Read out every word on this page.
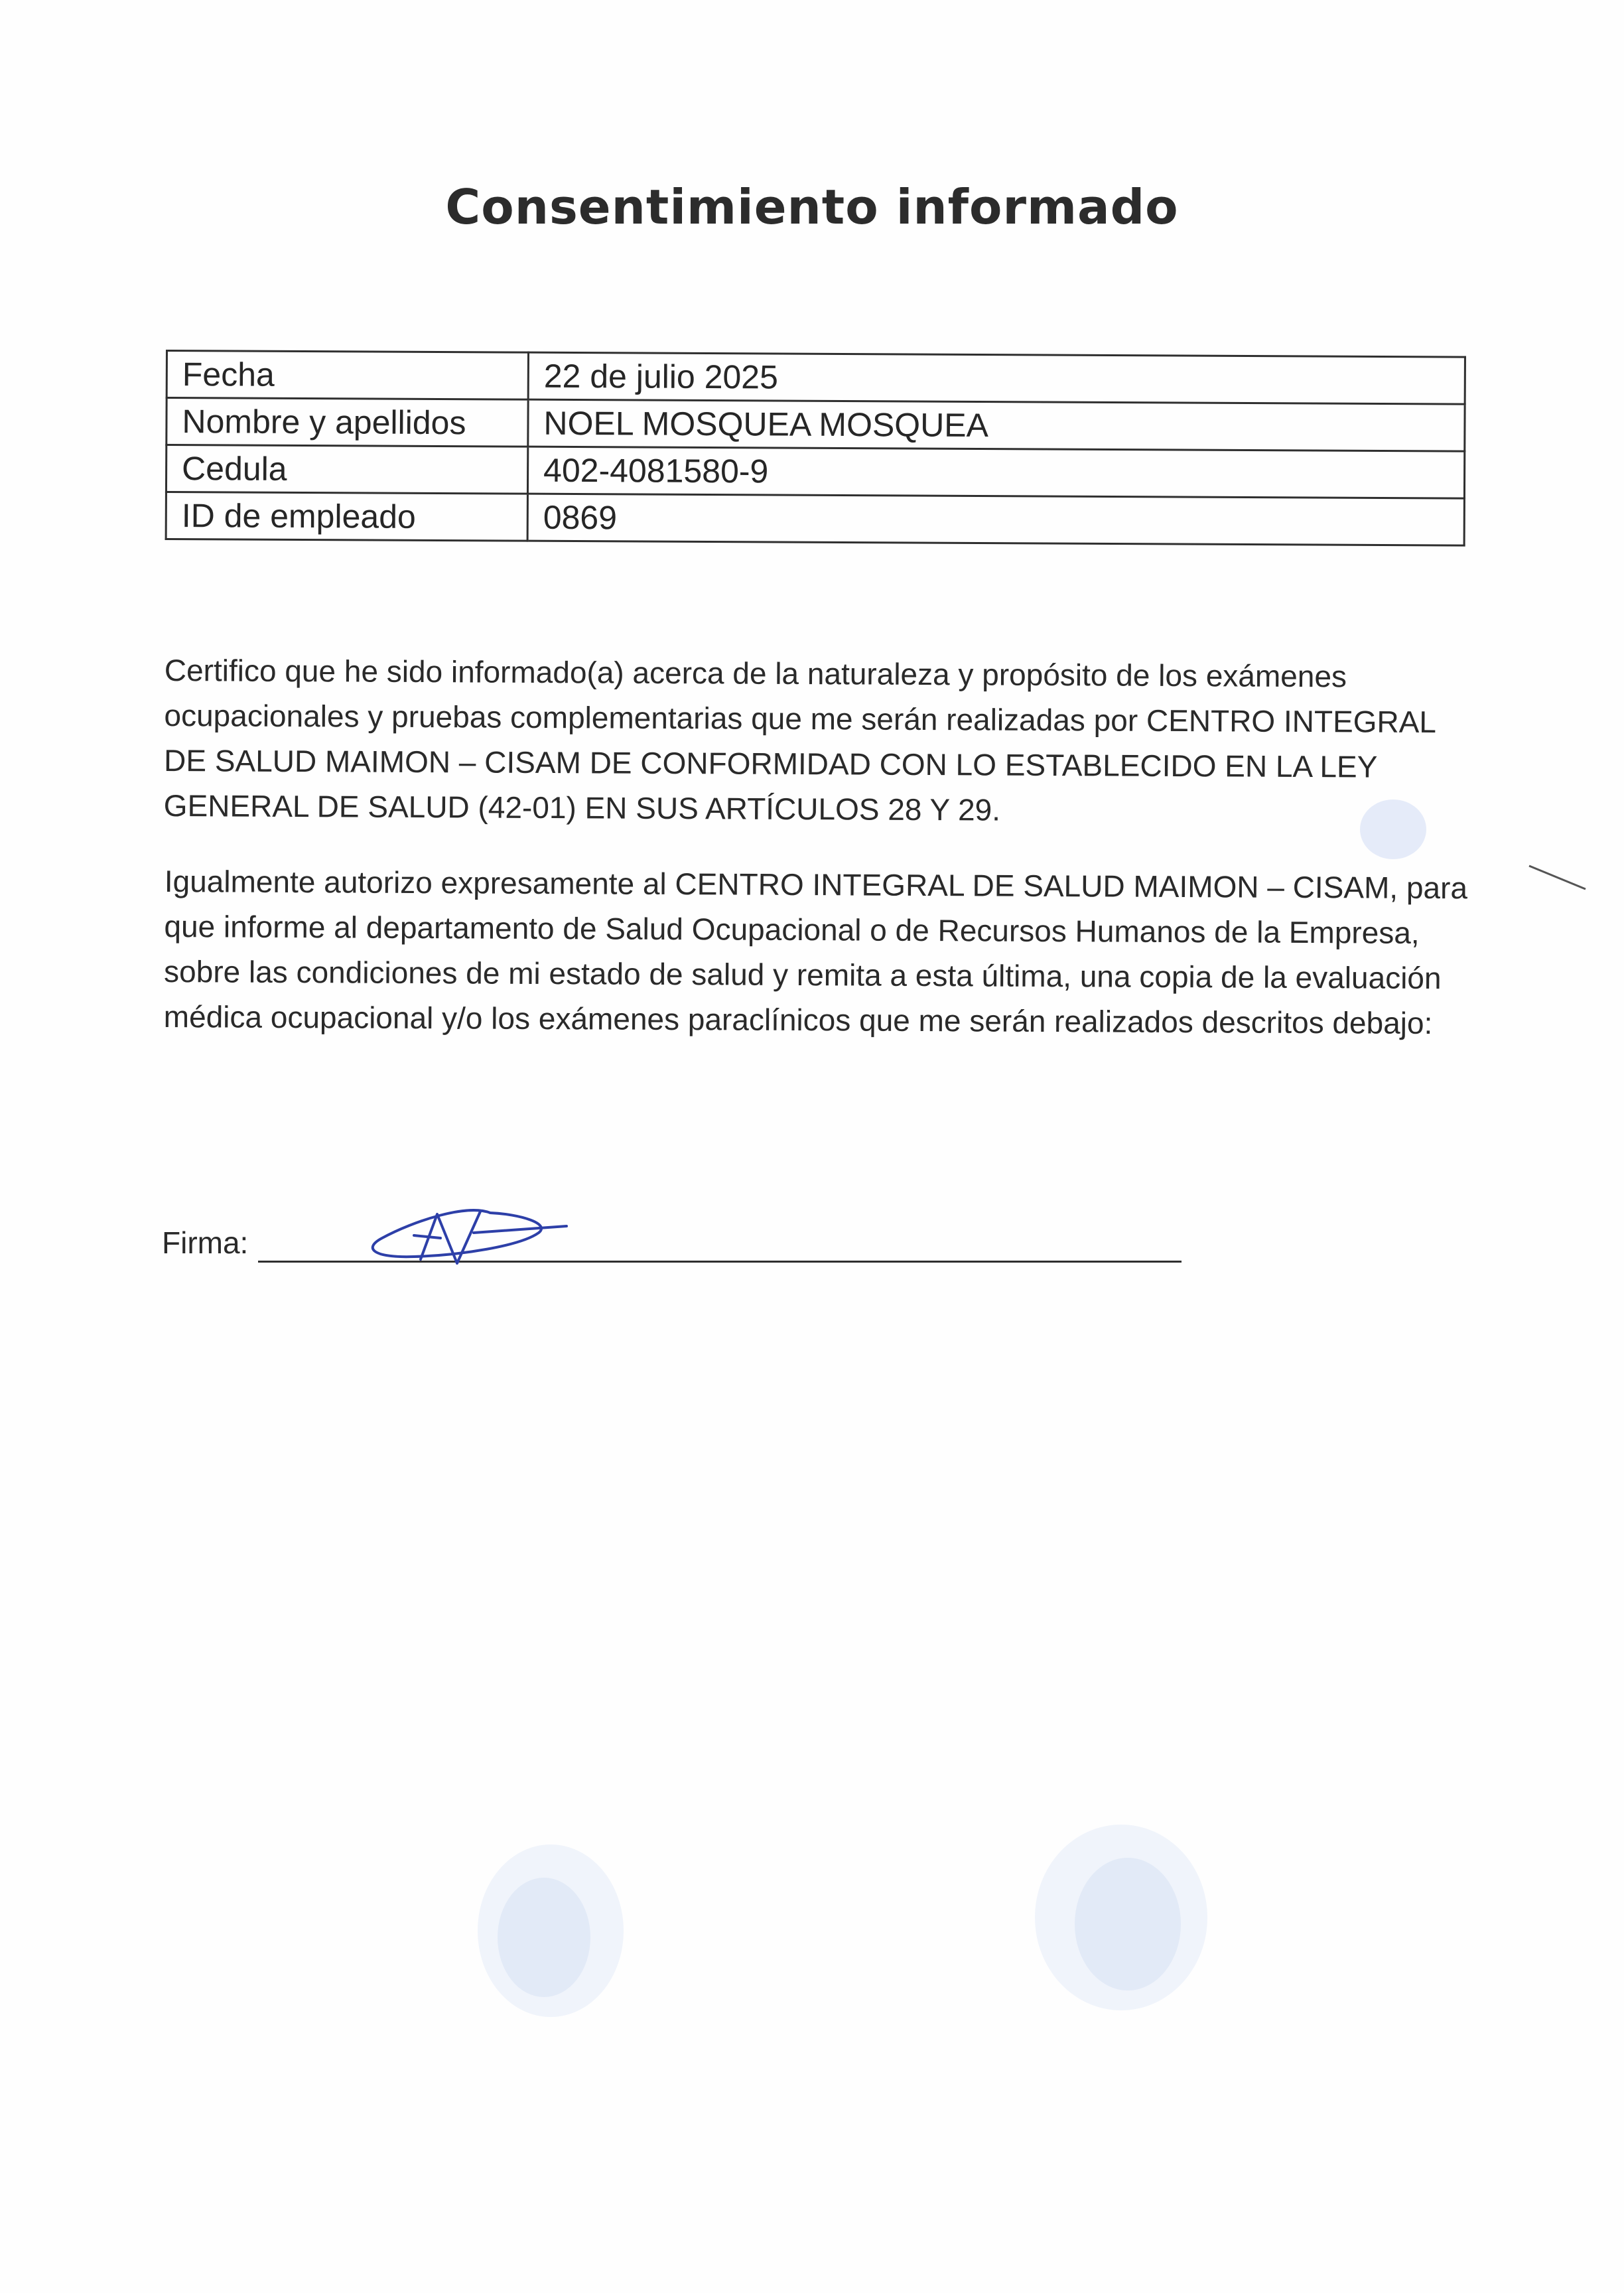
Consentimiento informado
Fecha	22 de julio 2025
Nombre y apellidos	NOEL MOSQUEA MOSQUEA
Cedula	402-4081580-9
ID de empleado	0869

Certifico que he sido informado(a) acerca de la naturaleza y propósito de los exámenes ocupacionales y pruebas complementarias que me serán realizadas por CENTRO INTEGRAL DE SALUD MAIMON – CISAM DE CONFORMIDAD CON LO ESTABLECIDO EN LA LEY GENERAL DE SALUD (42-01) EN SUS ARTÍCULOS 28 Y 29.

Igualmente autorizo expresamente al CENTRO INTEGRAL DE SALUD MAIMON – CISAM, para que informe al departamento de Salud Ocupacional o de Recursos Humanos de la Empresa, sobre las condiciones de mi estado de salud y remita a esta última, una copia de la evaluación médica ocupacional y/o los exámenes paraclínicos que me serán realizados descritos debajo:

Firma:
